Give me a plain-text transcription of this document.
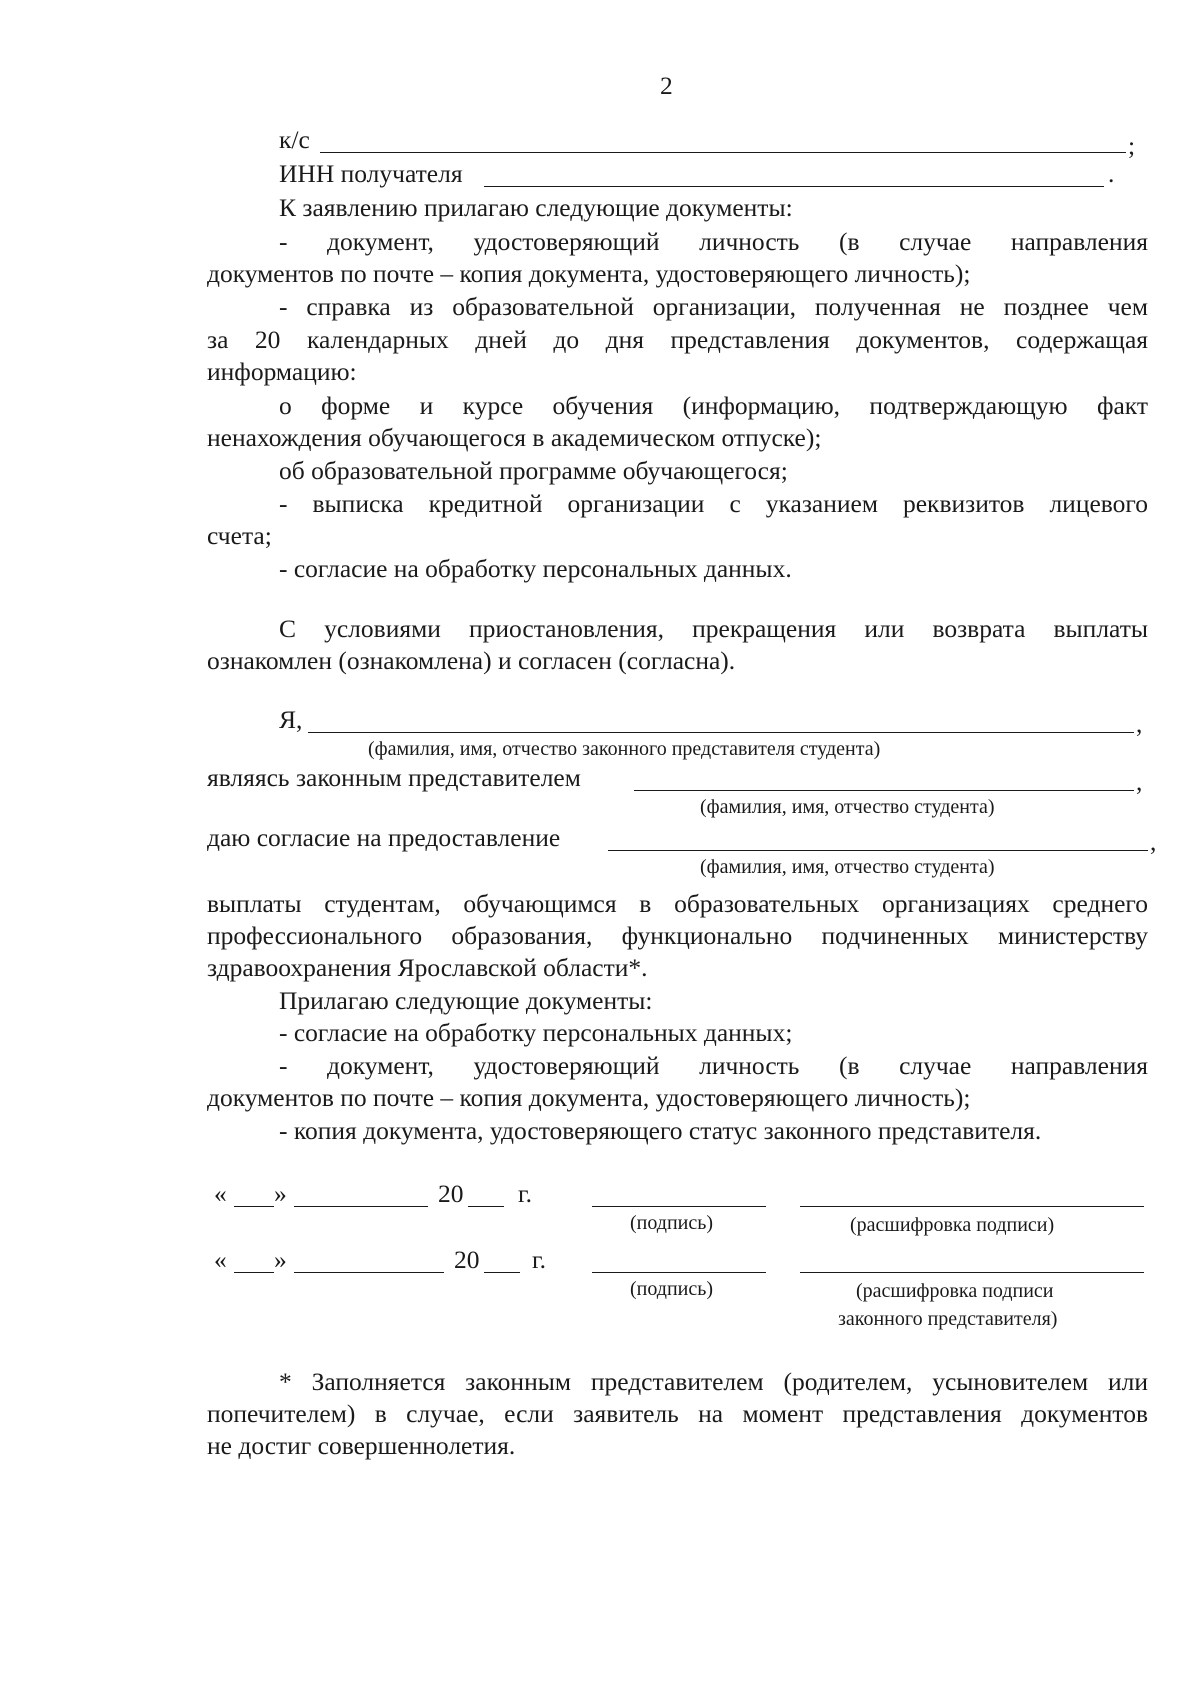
2
к/с	;
ИНН получателя	.
К заявлению прилагаю следующие документы:
- документ, удостоверяющий личность (в случае направления
документов по почте – копия документа, удостоверяющего личность);
- справка из образовательной организации, полученная не позднее чем
за 20 календарных дней до дня представления документов, содержащая
информацию:
о форме и курсе обучения (информацию, подтверждающую факт
ненахождения обучающегося в академическом отпуске);
об образовательной программе обучающегося;
- выписка кредитной организации с указанием реквизитов лицевого
счета;
- согласие на обработку персональных данных.
С условиями приостановления, прекращения или возврата выплаты
ознакомлен (ознакомлена) и согласен (согласна).
Я,	,
(фамилия, имя, отчество законного представителя студента)
являясь законным представителем	,
(фамилия, имя, отчество студента)
даю согласие на предоставление	,
(фамилия, имя, отчество студента)
выплаты студентам, обучающимся в образовательных организациях среднего
профессионального образования, функционально подчиненных министерству
здравоохранения Ярославской области*.
Прилагаю следующие документы:
- согласие на обработку персональных данных;
- документ, удостоверяющий личность (в случае направления
документов по почте – копия документа, удостоверяющего личность);
- копия документа, удостоверяющего статус законного представителя.
« »	20 г.
(подпись)	(расшифровка подписи)
« »	20 г.
(подпись)	(расшифровка подписи
законного представителя)
* Заполняется законным представителем (родителем, усыновителем или
попечителем) в случае, если заявитель на момент представления документов
не достиг совершеннолетия.
